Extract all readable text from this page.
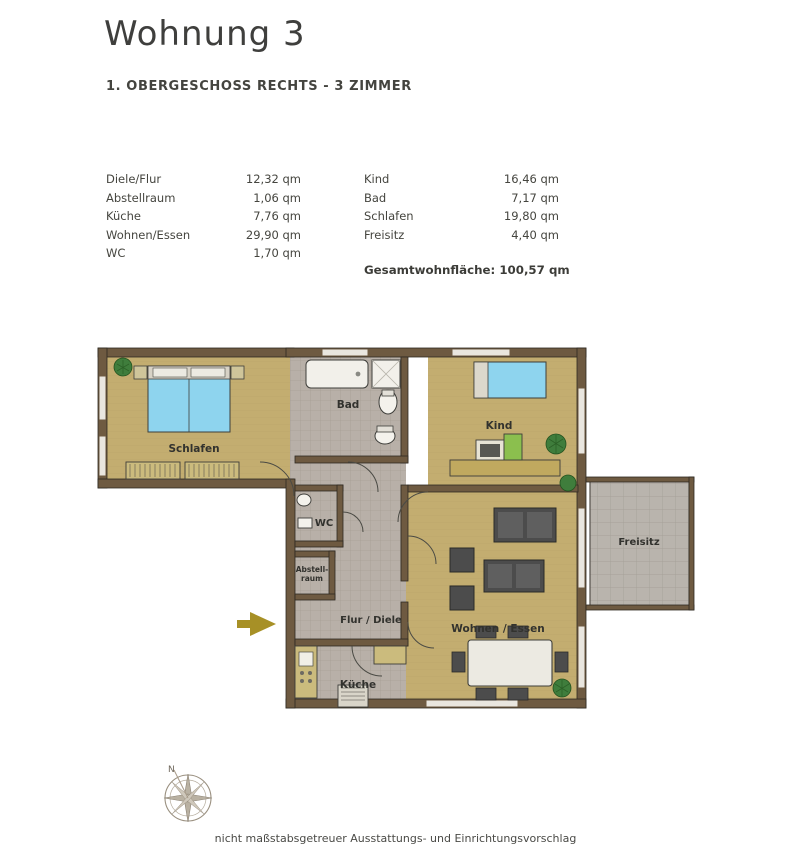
Wohnung 3
1. OBERGESCHOSS RECHTS - 3 ZIMMER
Diele/Flur	12,32 qm
Abstellraum	1,06 qm
Küche	7,76 qm
Wohnen/Essen	29,90 qm
WC	1,70 qm
Kind	16,46 qm
Bad	7,17 qm
Schlafen	19,80 qm
Freisitz	4,40 qm
Gesamtwohnfläche: 100,57 qm
Schlafen
Bad
Kind
WC
Abstell-
raum
Flur / Diele
Küche
Wohnen / Essen
Freisitz
N
nicht maßstabsgetreuer Ausstattungs- und Einrichtungsvorschlag
